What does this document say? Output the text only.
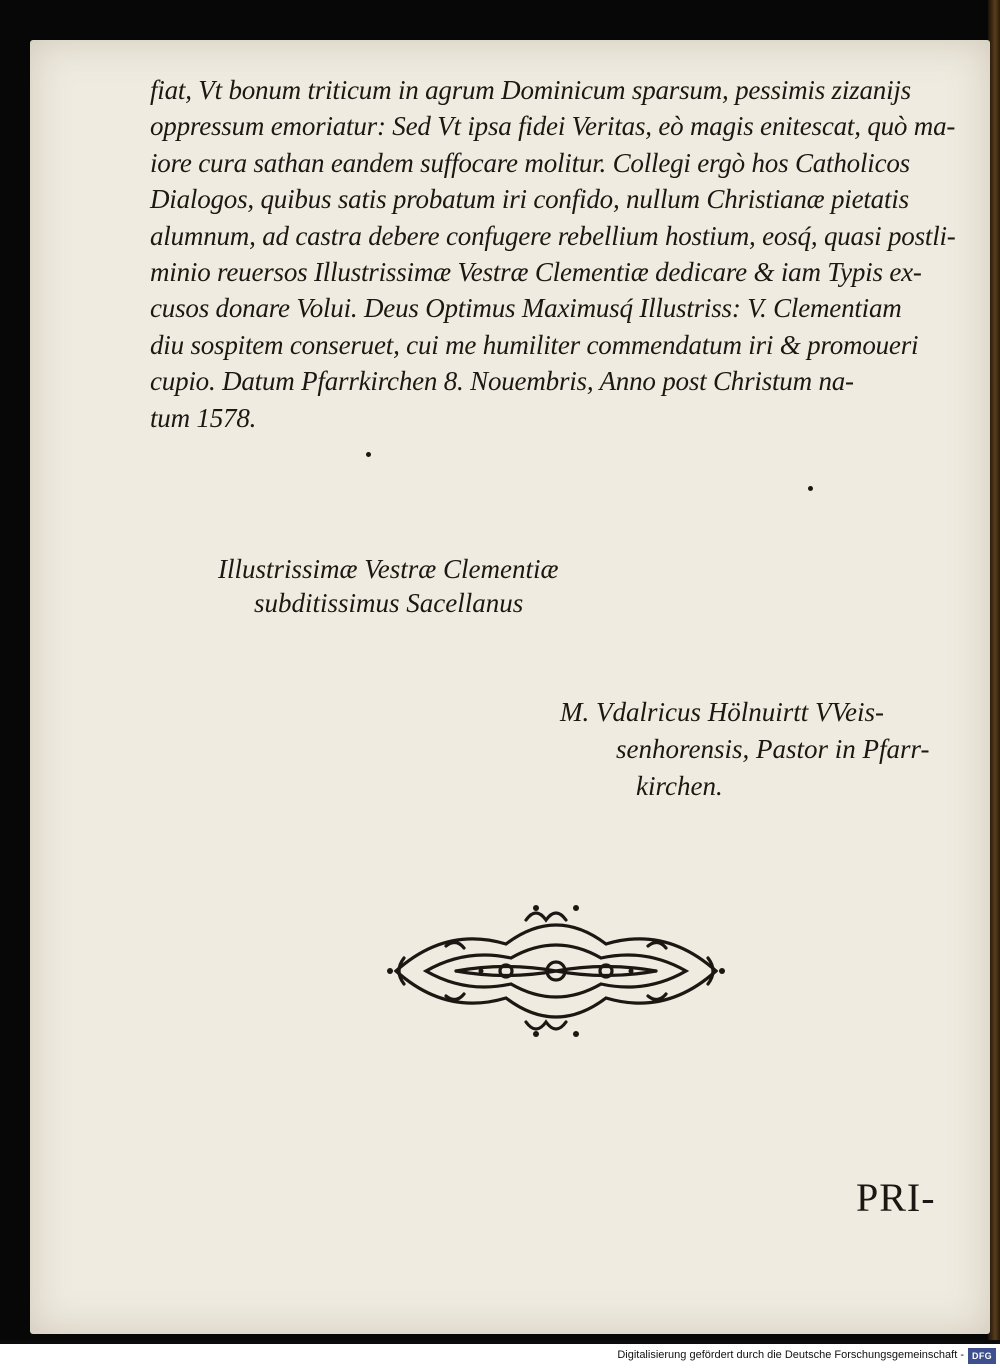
fiat, Vt bonum triticum in agrum Dominicum sparsum, pessimis zizanijs
oppressum emoriatur: Sed Vt ipsa fidei Veritas, eò magis enitescat, quò ma-
iore cura sathan eandem suffocare molitur. Collegi ergò hos Catholicos
Dialogos, quibus satis probatum iri confido, nullum Christianæ pietatis
alumnum, ad castra debere confugere rebellium hostium, eosq́, quasi postli-
minio reuersos Illustrissimæ Vestræ Clementiæ dedicare & iam Typis ex-
cusos donare Volui. Deus Optimus Maximusq́ Illustriss: V. Clementiam
diu sospitem conseruet, cui me humiliter commendatum iri & promoueri
cupio. Datum Pfarrkirchen 8. Nouembris, Anno post Christum na-
tum 1578.
Illustrissimæ Vestræ Clementiæ
subditissimus Sacellanus
M. Vdalricus Hölnuirtt VVeis-
senhorensis, Pastor in Pfarr-
kirchen.
PRI-
Digitalisierung gefördert durch die Deutsche Forschungsgemeinschaft - DFG
